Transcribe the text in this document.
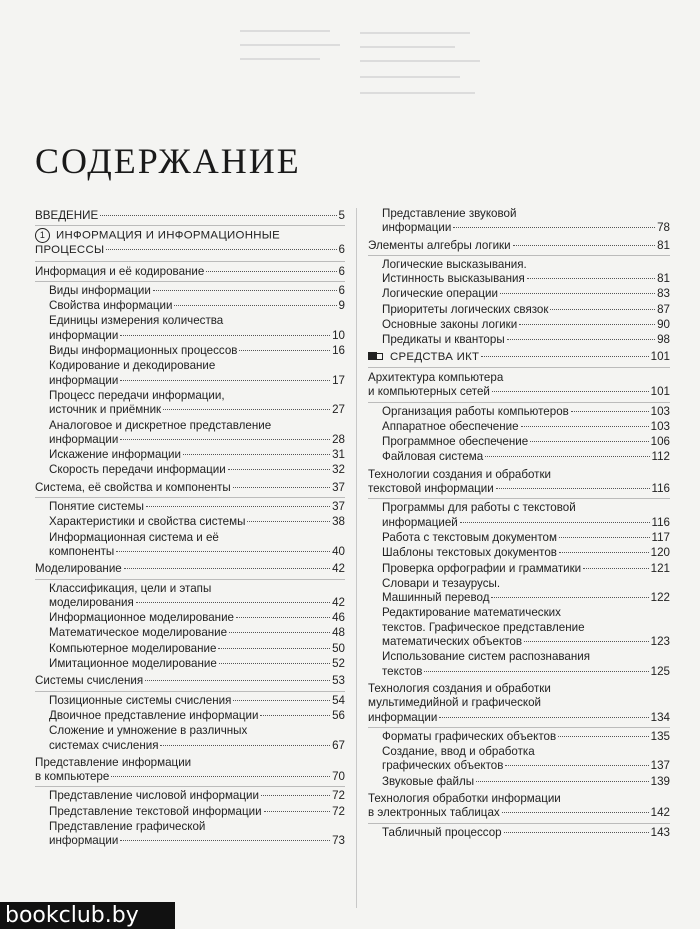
СОДЕРЖАНИЕ
ВВЕДЕНИЕ	5
1 ИНФОРМАЦИЯ И ИНФОРМАЦИОННЫЕ
ПРОЦЕССЫ	6
Информация и её кодирование	6
Виды информации	6
Свойства информации	9
Единицы измерения количества
информации	10
Виды информационных процессов	16
Кодирование и декодирование
информации	17
Процесс передачи информации,
источник и приёмник	27
Аналоговое и дискретное представление
информации	28
Искажение информации	31
Скорость передачи информации	32
Система, её свойства и компоненты	37
Понятие системы	37
Характеристики и свойства системы	38
Информационная система и её
компоненты	40
Моделирование	42
Классификация, цели и этапы
моделирования	42
Информационное моделирование	46
Математическое моделирование	48
Компьютерное моделирование	50
Имитационное моделирование	52
Системы счисления	53
Позиционные системы счисления	54
Двоичное представление информации	56
Сложение и умножение в различных
системах счисления	67
Представление информации
в компьютере	70
Представление числовой информации	72
Представление текстовой информации	72
Представление графической
информации	73
Представление звуковой
информации	78
Элементы алгебры логики	81
Логические высказывания.
Истинность высказывания	81
Логические операции	83
Приоритеты логических связок	87
Основные законы логики	90
Предикаты и кванторы	98
СРЕДСТВА ИКТ	101
Архитектура компьютера
и компьютерных сетей	101
Организация работы компьютеров	103
Аппаратное обеспечение	103
Программное обеспечение	106
Файловая система	112
Технологии создания и обработки
текстовой информации	116
Программы для работы с текстовой
информацией	116
Работа с текстовым документом	117
Шаблоны текстовых документов	120
Проверка орфографии и грамматики	121
Словари и тезаурусы.
Машинный перевод	122
Редактирование математических
текстов. Графическое представление
математических объектов	123
Использование систем распознавания
текстов	125
Технология создания и обработки
мультимедийной и графической
информации	134
Форматы графических объектов	135
Создание, ввод и обработка
графических объектов	137
Звуковые файлы	139
Технология обработки информации
в электронных таблицах	142
Табличный процессор	143
bookclub.by
